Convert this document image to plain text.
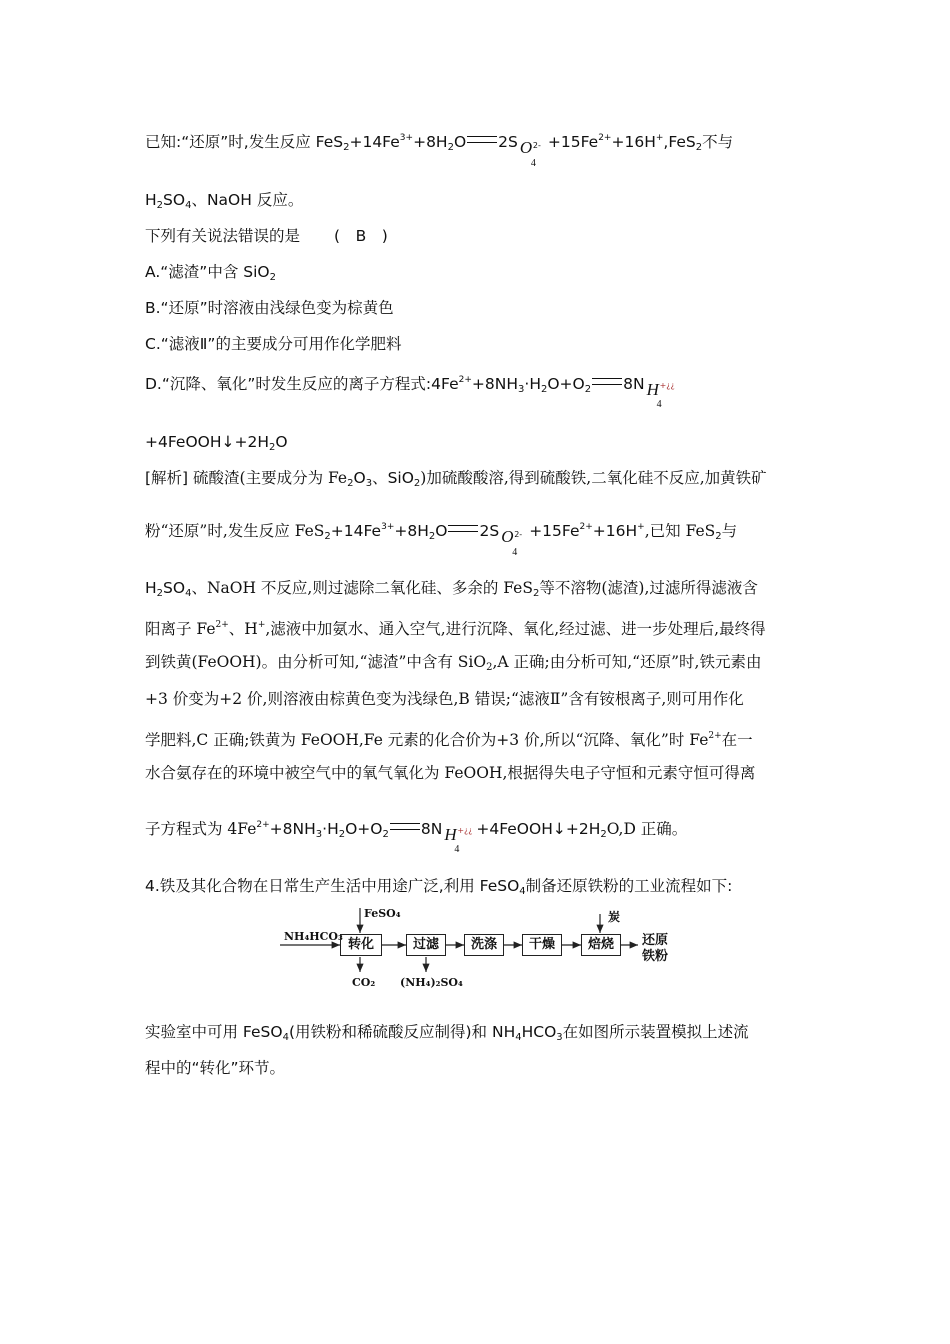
已知:“还原”时,发生反应 $FeS_2+14Fe^{3+}+8H_2O$ 2S O
4
$2- +15Fe^{2+}+16H^+,FeS_2$不与
$H_2SO_4$、NaOH 反应。
下列有关说法错误的是 (　B　)
A.“滤渣”中含 SiO$_2$
B.“还原”时溶液由浅绿色变为棕黄色
C.“滤液Ⅱ”的主要成分可用作化学肥料
D.“沉降、氧化”时发生反应的离子方程式$:4Fe^{2+}+8NH_3\cdot H_2O+O_2$ 8N H
4
+¿¿
$+4FeOOH↓+2H_2O$
[解析] 硫酸渣(主要成分为 $Fe_2O_3$、SiO$_2$)加硫酸酸溶,得到硫酸铁,二氧化硅不反应,加黄铁矿
粉“还原”时,发生反应 $FeS_2+14Fe^{3+}+8H_2O$ 2S O
4
$2- +15Fe^{2+}+16H^+$,已知 FeS$_2$与
$H_2SO_4$、NaOH 不反应,则过滤除二氧化硅、多余的 FeS$_2$等不溶物(滤渣),过滤所得滤液含
阳离子 $Fe^{2+}$、H+,滤液中加氨水、通入空气,进行沉降、氧化,经过滤、进一步处理后,最终得
到铁黄(FeOOH)。由分析可知,“滤渣”中含有 SiO$_2$,A 正确;由分析可知,“还原”时,铁元素由
+3 价变为+2 价,则溶液由棕黄色变为浅绿色,B 错误;“滤液Ⅱ”含有铵根离子,则可用作化
学肥料,C 正确;铁黄为 FeOOH,Fe 元素的化合价为+3 价,所以“沉降、氧化”时 $Fe^{2+}$在一
水合氨存在的环境中被空气中的氧气氧化为 FeOOH,根据得失电子守恒和元素守恒可得离
子方程式为 $4Fe^{2+}+8NH_3\cdot H_2O+O_2$ 8N H
4
+¿¿ $+4FeOOH↓+2H_2O,D$ 正确。
4.铁及其化合物在日常生产生活中用途广泛,利用 FeSO$_4$制备还原铁粉的工业流程如下:
NH₄HCO₃
FeSO₄
转化	过滤	洗涤	干燥	焙烧
CO₂ (NH₄)₂SO₄
炭
还原
铁粉
实验室中可用 FeSO$_4$(用铁粉和稀硫酸反应制得)和 $NH_4HCO_3$在如图所示装置模拟上述流
程中的“转化”环节。
